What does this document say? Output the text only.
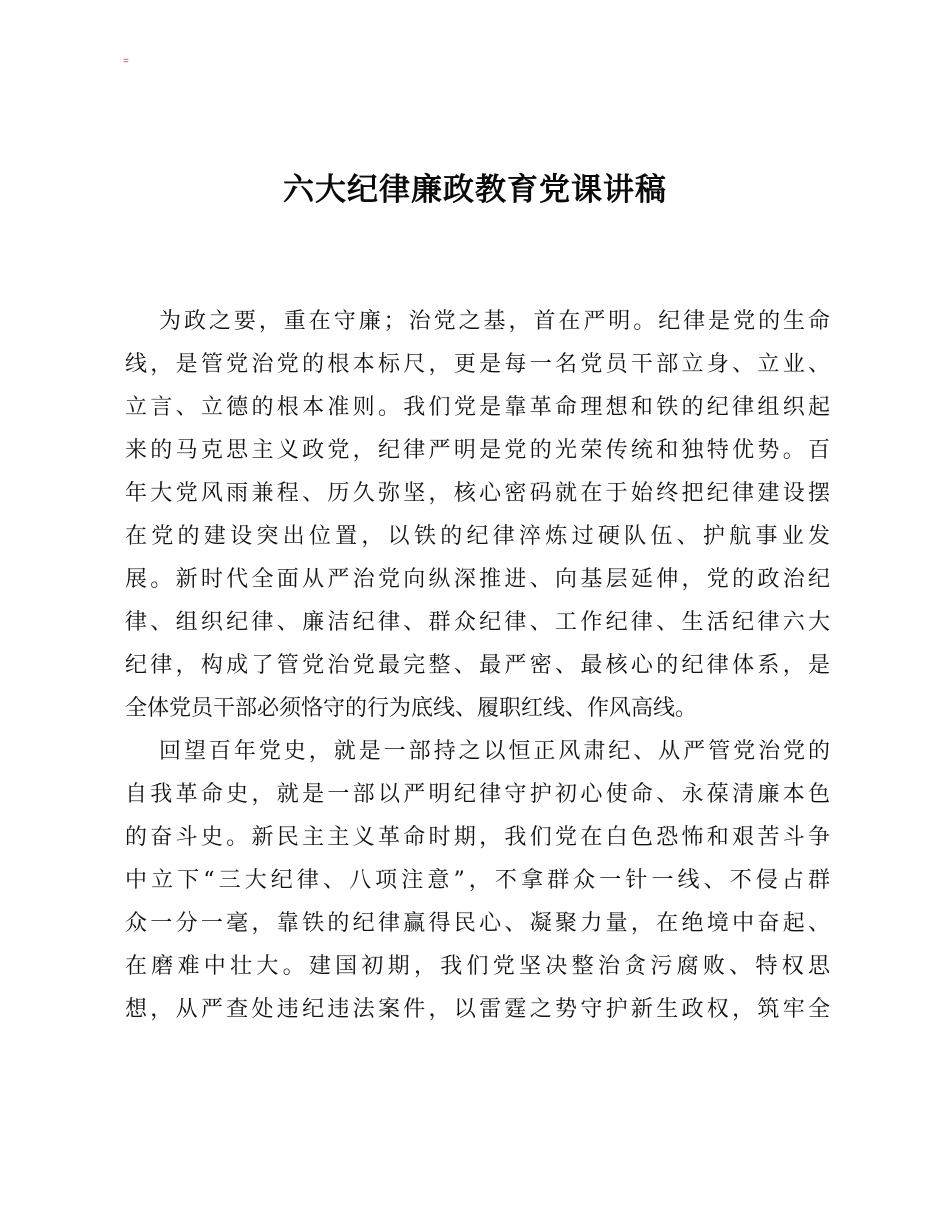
=
六大纪律廉政教育党课讲稿
为政之要，重在守廉；治党之基，首在严明。纪律是党的生命
线，是管党治党的根本标尺，更是每一名党员干部立身、立业、
立言、立德的根本准则。我们党是靠革命理想和铁的纪律组织起
来的马克思主义政党，纪律严明是党的光荣传统和独特优势。百
年大党风雨兼程、历久弥坚，核心密码就在于始终把纪律建设摆
在党的建设突出位置，以铁的纪律淬炼过硬队伍、护航事业发
展。新时代全面从严治党向纵深推进、向基层延伸，党的政治纪
律、组织纪律、廉洁纪律、群众纪律、工作纪律、生活纪律六大
纪律，构成了管党治党最完整、最严密、最核心的纪律体系，是
全体党员干部必须恪守的行为底线、履职红线、作风高线。
回望百年党史，就是一部持之以恒正风肃纪、从严管党治党的
自我革命史，就是一部以严明纪律守护初心使命、永葆清廉本色
的奋斗史。新民主主义革命时期，我们党在白色恐怖和艰苦斗争
中立下“三大纪律、八项注意”，不拿群众一针一线、不侵占群
众一分一毫，靠铁的纪律赢得民心、凝聚力量，在绝境中奋起、
在磨难中壮大。建国初期，我们党坚决整治贪污腐败、特权思
想，从严查处违纪违法案件，以雷霆之势守护新生政权，筑牢全
